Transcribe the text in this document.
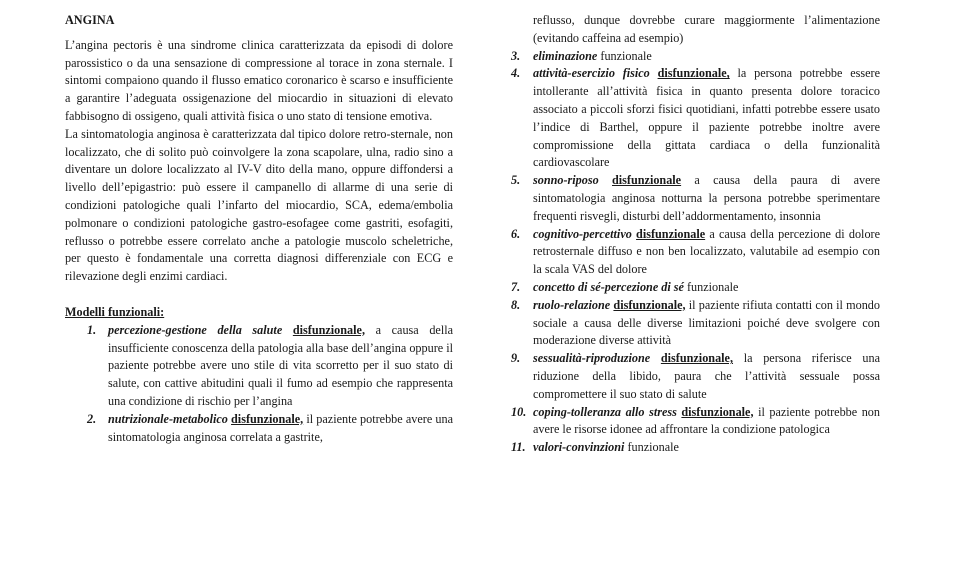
ANGINA

L’angina pectoris è una sindrome clinica caratterizzata da episodi di dolore parossistico o da una sensazione di compressione al torace in zona sternale. I sintomi compaiono quando il flusso ematico coronarico è scarso e insufficiente a garantire l’adeguata ossigenazione del miocardio in situazioni di elevato fabbisogno di ossigeno, quali attività fisica o uno stato di tensione emotiva.

La sintomatologia anginosa è caratterizzata dal tipico dolore retro-sternale, non localizzato, che di solito può coinvolgere la zona scapolare, ulna, radio sino a diventare un dolore localizzato al IV-V dito della mano, oppure diffondersi a livello dell’epigastrio: può essere il campanello di allarme di una serie di condizioni patologiche quali l’infarto del miocardio, SCA, edema/embolia polmonare o condizioni patologiche gastro-esofagee come gastriti, esofagiti, reflusso o potrebbe essere correlato anche a patologie muscolo scheletriche, per questo è fondamentale una corretta diagnosi differenziale con ECG e rilevazione degli enzimi cardiaci.

Modelli funzionali:

1. percezione-gestione della salute disfunzionale, a causa della insufficiente conoscenza della patologia alla base dell’angina oppure il paziente potrebbe avere uno stile di vita scorretto per il suo stato di salute, con cattive abitudini quali il fumo ad esempio che rappresenta una condizione di rischio per l’angina
2. nutrizionale-metabolico disfunzionale, il paziente potrebbe avere una sintomatologia anginosa correlata a gastrite,
reflusso, dunque dovrebbe curare maggiormente l’alimentazione (evitando caffeina ad esempio)
3. eliminazione funzionale
4. attività-esercizio fisico disfunzionale, la persona potrebbe essere intollerante all’attività fisica in quanto presenta dolore toracico associato a piccoli sforzi fisici quotidiani, infatti potrebbe essere usato l’indice di Barthel, oppure il paziente potrebbe inoltre avere compromissione della gittata cardiaca o della funzionalità cardiovascolare
5. sonno-riposo disfunzionale a causa della paura di avere sintomatologia anginosa notturna la persona potrebbe sperimentare frequenti risvegli, disturbi dell’addormentamento, insonnia
6. cognitivo-percettivo disfunzionale a causa della percezione di dolore retrosternale diffuso e non ben localizzato, valutabile ad esempio con la scala VAS del dolore
7. concetto di sé-percezione di sé funzionale
8. ruolo-relazione disfunzionale, il paziente rifiuta contatti con il mondo sociale a causa delle diverse limitazioni poiché deve svolgere con moderazione diverse attività
9. sessualità-riproduzione disfunzionale, la persona riferisce una riduzione della libido, paura che l’attività sessuale possa compromettere il suo stato di salute
10. coping-tolleranza allo stress disfunzionale, il paziente potrebbe non avere le risorse idonee ad affrontare la condizione patologica
11. valori-convinzioni funzionale
